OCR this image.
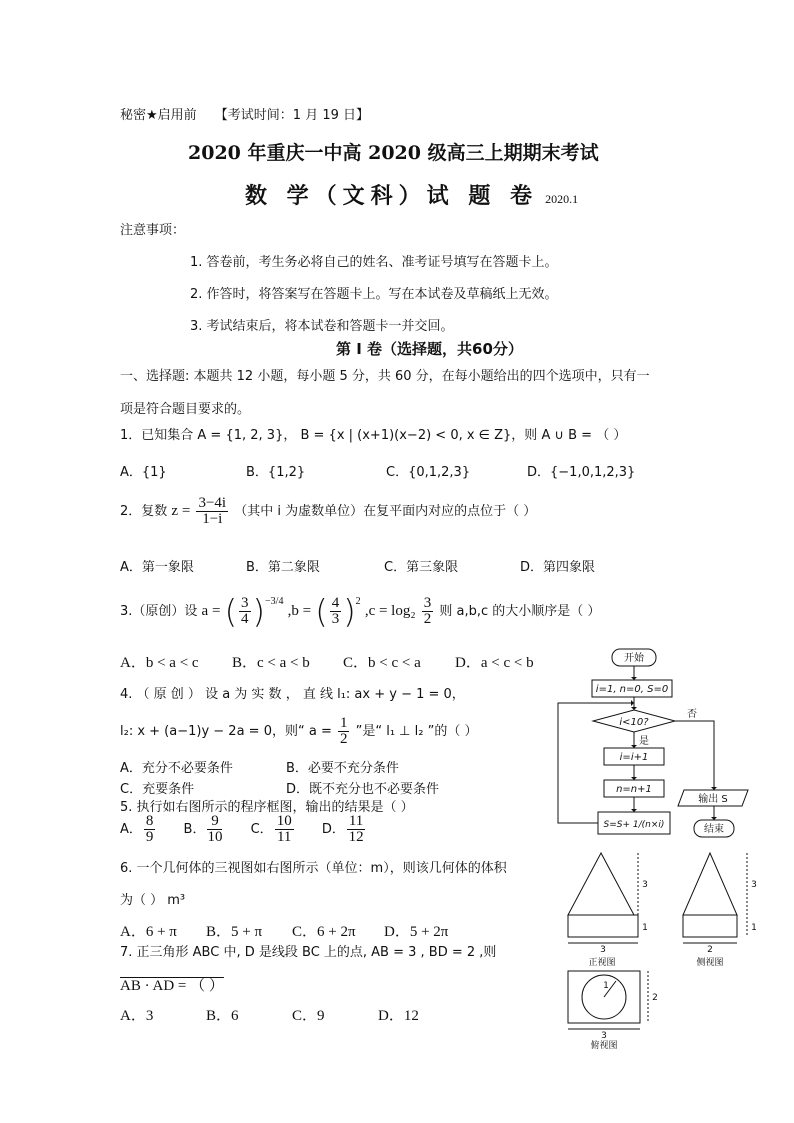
秘密★启用前 【考试时间：1 月 19 日】
2020 年重庆一中高 2020 级高三上期期末考试
数 学（文科）试 题 卷 2020.1
注意事项：
1. 答卷前，考生务必将自己的姓名、准考证号填写在答题卡上。
2. 作答时，将答案写在答题卡上。写在本试卷及草稿纸上无效。
3. 考试结束后，将本试卷和答题卡一并交回。
第 I 卷（选择题，共60分）
一、选择题: 本题共 12 小题，每小题 5 分，共 60 分，在每小题给出的四个选项中，只有一
项是符合题目要求的。
1．已知集合 A = {1, 2, 3}， B = {x | (x+1)(x−2) < 0, x ∈ Z}，则 A ∪ B = （ ）
A．{1}	B．{1,2}	C．{0,1,2,3}	D．{−1,0,1,2,3}
2．复数 $z = \frac{3-4i}{1-i}$ （其中 i 为虚数单位）在复平面内对应的点位于（ ）
A．第一象限	B．第二象限	C．第三象限	D．第四象限
3.（原创）设 a = ( $\frac{3}{4} )^{-3/4}$ ,b = ( $\frac{4}{3} )^2$ $,c = \log_2 \frac{3}{2}$ 则 a,b,c 的大小顺序是（ ）
A．b < a < c B．c < a < b C．b < c < a D．a < c < b
4. （ 原 创 ） 设 a 为 实 数 ， 直 线 l₁: ax + y − 1 = 0，
l₂: x + (a−1)y − 2a = 0，则“ $a = \frac{1}{2}$ ”是“ l₁ ⊥ l₂ ”的（ ）
A．充分不必要条件	B．必要不充分条件
C．充要条件	D．既不充分也不必要条件
5. 执行如右图所示的程序框图，输出的结果是（ ）
A． $\frac{8}{9}$ B． $\frac{9}{10}$ C． $\frac{10}{11}$ D． $\frac{11}{12}$
6. 一个几何体的三视图如右图所示（单位：m），则该几何体的体积
为（ ） m³
A．6 + π B．5 + π C．6 + 2π D．5 + 2π
7. 正三角形 ABC 中, D 是线段 BC 上的点, AB = 3 , BD = 2 ,则
AB · AD = （ ）
A．3	B．6	C．9	D．12
开始
i=1, n=0, S=0
i<10?
否
是
i=i+1
n=n+1
S=S+ 1/(n×i)
输出 S
结束
3
1
3
正视图
3
1
2
侧视图
2
3
俯视图
1
